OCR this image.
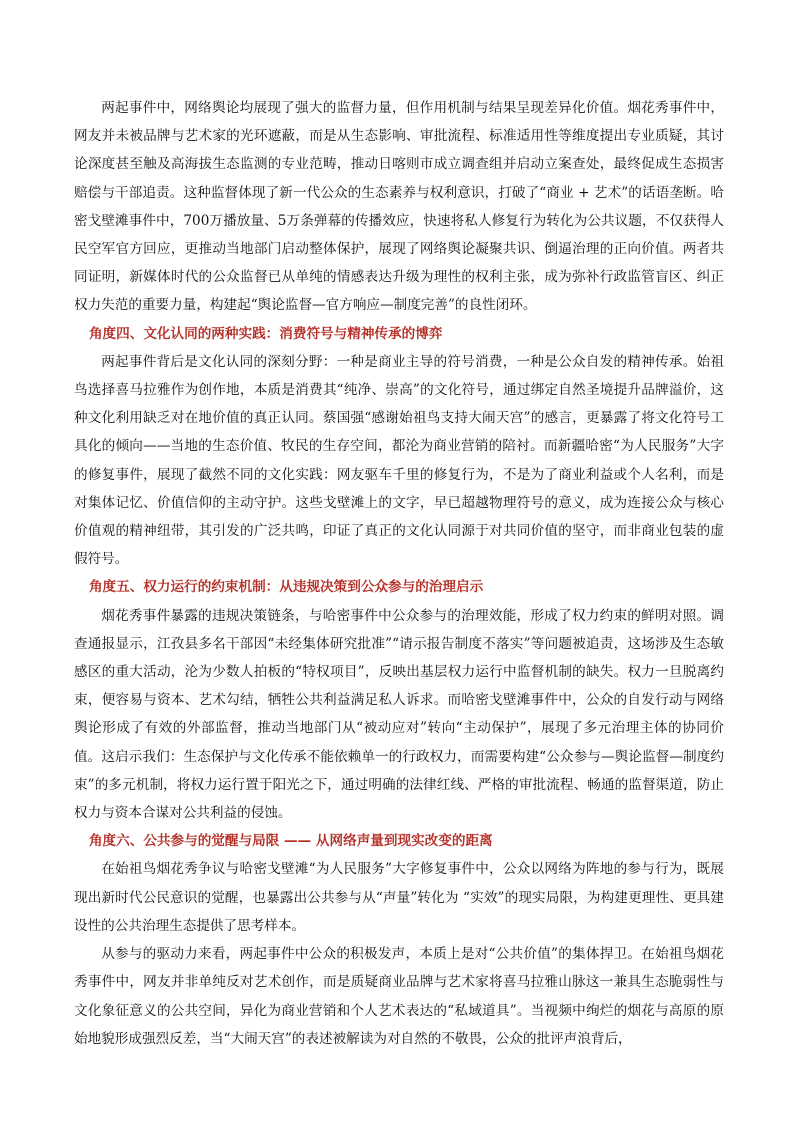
两起事件中，网络舆论均展现了强大的监督力量，但作用机制与结果呈现差异化价值。烟花秀事件中，网友并未被品牌与艺术家的光环遮蔽，而是从生态影响、审批流程、标准适用性等维度提出专业质疑，其讨论深度甚至触及高海拔生态监测的专业范畴，推动日喀则市成立调查组并启动立案查处，最终促成生态损害赔偿与干部追责。这种监督体现了新一代公众的生态素养与权利意识，打破了“商业 + 艺术”的话语垄断。哈密戈壁滩事件中，700万播放量、5万条弹幕的传播效应，快速将私人修复行为转化为公共议题，不仅获得人民空军官方回应，更推动当地部门启动整体保护，展现了网络舆论凝聚共识、倒逼治理的正向价值。两者共同证明，新媒体时代的公众监督已从单纯的情感表达升级为理性的权利主张，成为弥补行政监管盲区、纠正权力失范的重要力量，构建起“舆论监督—官方响应—制度完善”的良性闭环。

角度四、文化认同的两种实践：消费符号与精神传承的博弈

两起事件背后是文化认同的深刻分野：一种是商业主导的符号消费，一种是公众自发的精神传承。始祖鸟选择喜马拉雅作为创作地，本质是消费其“纯净、崇高”的文化符号，通过绑定自然圣境提升品牌溢价，这种文化利用缺乏对在地价值的真正认同。蔡国强“感谢始祖鸟支持大闹天宫”的感言，更暴露了将文化符号工具化的倾向——当地的生态价值、牧民的生存空间，都沦为商业营销的陪衬。而新疆哈密“为人民服务”大字的修复事件，展现了截然不同的文化实践：网友驱车千里的修复行为，不是为了商业利益或个人名利，而是对集体记忆、价值信仰的主动守护。这些戈壁滩上的文字，早已超越物理符号的意义，成为连接公众与核心价值观的精神纽带，其引发的广泛共鸣，印证了真正的文化认同源于对共同价值的坚守，而非商业包装的虚假符号。

角度五、权力运行的约束机制：从违规决策到公众参与的治理启示

烟花秀事件暴露的违规决策链条，与哈密事件中公众参与的治理效能，形成了权力约束的鲜明对照。调查通报显示，江孜县多名干部因“未经集体研究批准”“请示报告制度不落实”等问题被追责，这场涉及生态敏感区的重大活动，沦为少数人拍板的“特权项目”，反映出基层权力运行中监督机制的缺失。权力一旦脱离约束，便容易与资本、艺术勾结，牺牲公共利益满足私人诉求。而哈密戈壁滩事件中，公众的自发行动与网络舆论形成了有效的外部监督，推动当地部门从“被动应对”转向“主动保护”，展现了多元治理主体的协同价值。这启示我们：生态保护与文化传承不能依赖单一的行政权力，而需要构建“公众参与—舆论监督—制度约束”的多元机制，将权力运行置于阳光之下，通过明确的法律红线、严格的审批流程、畅通的监督渠道，防止权力与资本合谋对公共利益的侵蚀。

角度六、公共参与的觉醒与局限 —— 从网络声量到现实改变的距离

在始祖鸟烟花秀争议与哈密戈壁滩“为人民服务”大字修复事件中，公众以网络为阵地的参与行为，既展现出新时代公民意识的觉醒，也暴露出公共参与从“声量”转化为 “实效”的现实局限，为构建更理性、更具建设性的公共治理生态提供了思考样本。

从参与的驱动力来看，两起事件中公众的积极发声，本质上是对“公共价值”的集体捍卫。在始祖鸟烟花秀事件中，网友并非单纯反对艺术创作，而是质疑商业品牌与艺术家将喜马拉雅山脉这一兼具生态脆弱性与文化象征意义的公共空间，异化为商业营销和个人艺术表达的“私域道具”。当视频中绚烂的烟花与高原的原始地貌形成强烈反差，当“大闹天宫”的表述被解读为对自然的不敬畏，公众的批评声浪背后，
